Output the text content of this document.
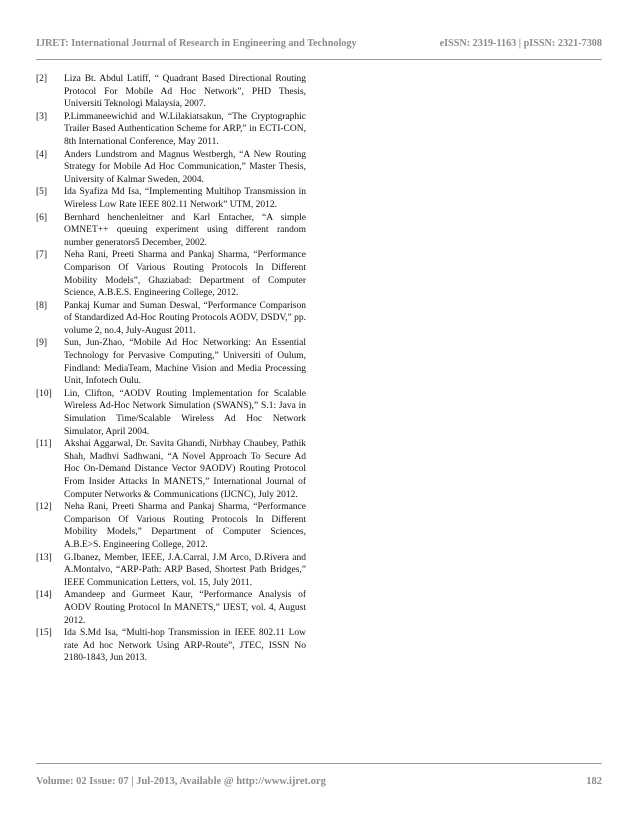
IJRET: International Journal of Research in Engineering and Technology	eISSN: 2319-1163 | pISSN: 2321-7308
[2]	Liza Bt. Abdul Latiff, “ Quadrant Based Directional Routing Protocol For Mobile Ad Hoc Network”, PHD Thesis, Universiti Teknologi Malaysia, 2007.
[3]	P.Limmaneewichid and W.Lilakiatsakun, “The Cryptographic Trailer Based Authentication Scheme for ARP,” in ECTI-CON, 8th International Conference, May 2011.
[4]	Anders Lundstrom and Magnus Westbergh, “A New Routing Strategy for Mobile Ad Hoc Communication,” Master Thesis, University of Kalmar Sweden, 2004.
[5]	Ida Syafiza Md Isa, “Implementing Multihop Transmission in Wireless Low Rate IEEE 802.11 Network” UTM, 2012.
[6]	Bernhard henchenleitner and Karl Entacher, “A simple OMNET++ queuing experiment using different random number generators5 December, 2002.
[7]	Neha Rani, Preeti Sharma and Pankaj Sharma, “Performance Comparison Of Various Routing Protocols In Different Mobility Models”, Ghaziabad: Department of Computer Science, A.B.E.S. Engineering College, 2012.
[8]	Pankaj Kumar and Suman Deswal, “Performance Comparison of Standardized Ad-Hoc Routing Protocols AODV, DSDV,” pp. volume 2, no.4, July-August 2011.
[9]	Sun, Jun-Zhao, “Mobile Ad Hoc Networking: An Essential Technology for Pervasive Computing,” Universiti of Oulum, Findland: MediaTeam, Machine Vision and Media Processing Unit, Infotech Oulu.
[10]	Lin, Clifton, “AODV Routing Implementation for Scalable Wireless Ad-Hoc Network Simulation (SWANS),” S.1: Java in Simulation Time/Scalable Wireless Ad Hoc Network Simulator, April 2004.
[11]	Akshai Aggarwal, Dr. Savita Ghandi, Nirbhay Chaubey, Pathik Shah, Madhvi Sadhwani, “A Novel Approach To Secure Ad Hoc On-Demand Distance Vector 9AODV) Routing Protocol From Insider Attacks In MANETS,” International Journal of Computer Networks & Communications (IJCNC), July 2012.
[12]	Neha Rani, Preeti Sharma and Pankaj Sharma, “Performance Comparison Of Various Routing Protocols In Different Mobility Models,” Department of Computer Sciences, A.B.E>S. Engineering College, 2012.
[13]	G.Ibanez, Member, IEEE, J.A.Carral, J.M Arco, D.Rivera and A.Montalvo, “ARP-Path: ARP Based, Shortest Path Bridges,” IEEE Communication Letters, vol. 15, July 2011.
[14]	Amandeep and Gurmeet Kaur, “Performance Analysis of AODV Routing Protocol In MANETS,” IJEST, vol. 4, August 2012.
[15]	Ida S.Md Isa, “Multi-hop Transmission in IEEE 802.11 Low rate Ad hoc Network Using ARP-Route”, JTEC, ISSN No 2180-1843, Jun 2013.
Volume: 02 Issue: 07 | Jul-2013, Available @ http://www.ijret.org	182
